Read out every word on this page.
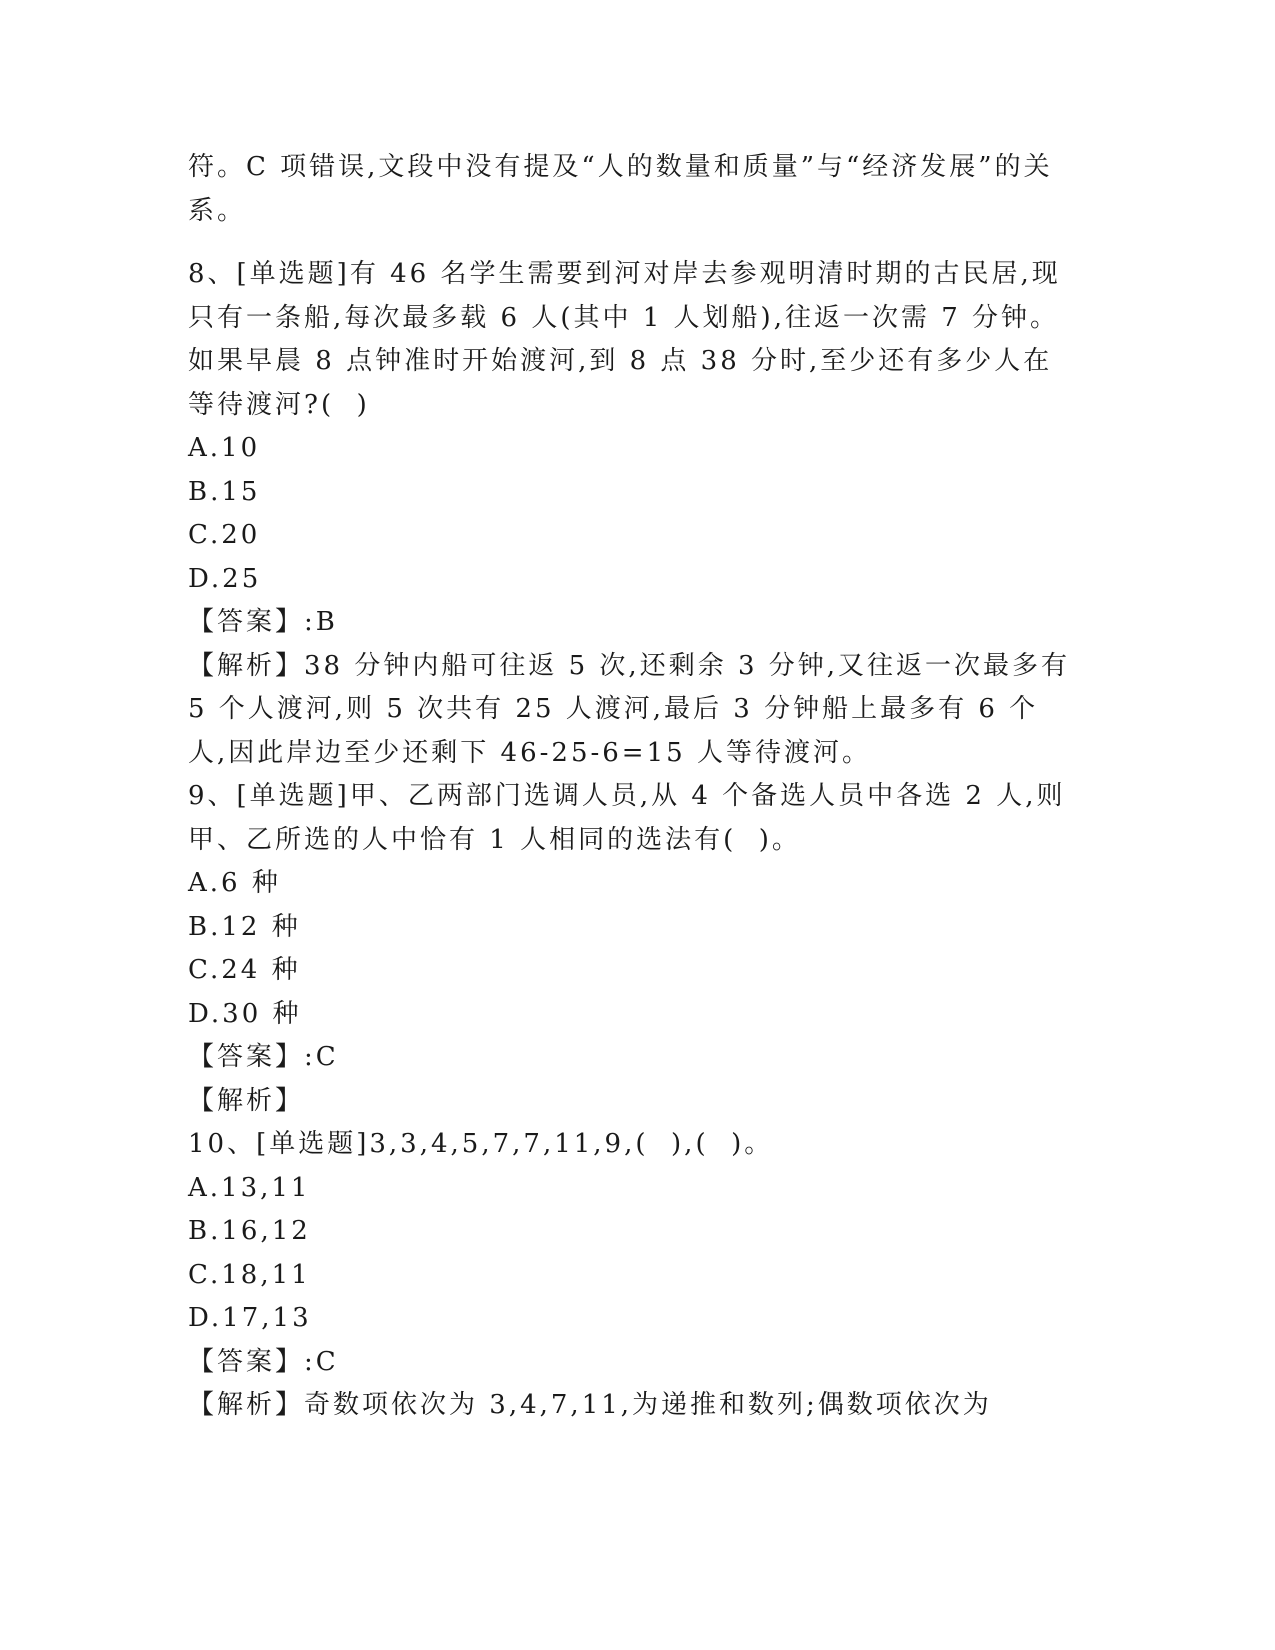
符。C 项错误,文段中没有提及“人的数量和质量”与“经济发展”的关系。

8、[单选题]有 46 名学生需要到河对岸去参观明清时期的古民居,现只有一条船,每次最多载 6 人(其中 1 人划船),往返一次需 7 分钟。如果早晨 8 点钟准时开始渡河,到 8 点 38 分时,至少还有多少人在等待渡河?(  )

A.10

B.15

C.20

D.25

【答案】:B

【解析】38 分钟内船可往返 5 次,还剩余 3 分钟,又往返一次最多有 5 个人渡河,则 5 次共有 25 人渡河,最后 3 分钟船上最多有 6 个人,因此岸边至少还剩下 46-25-6=15 人等待渡河。

9、[单选题]甲、乙两部门选调人员,从 4 个备选人员中各选 2 人,则甲、乙所选的人中恰有 1 人相同的选法有(  )。

A.6 种

B.12 种

C.24 种

D.30 种

【答案】:C

【解析】

10、[单选题]3,3,4,5,7,7,11,9,(  ),(  )。

A.13,11

B.16,12

C.18,11

D.17,13

【答案】:C

【解析】奇数项依次为 3,4,7,11,为递推和数列;偶数项依次为
